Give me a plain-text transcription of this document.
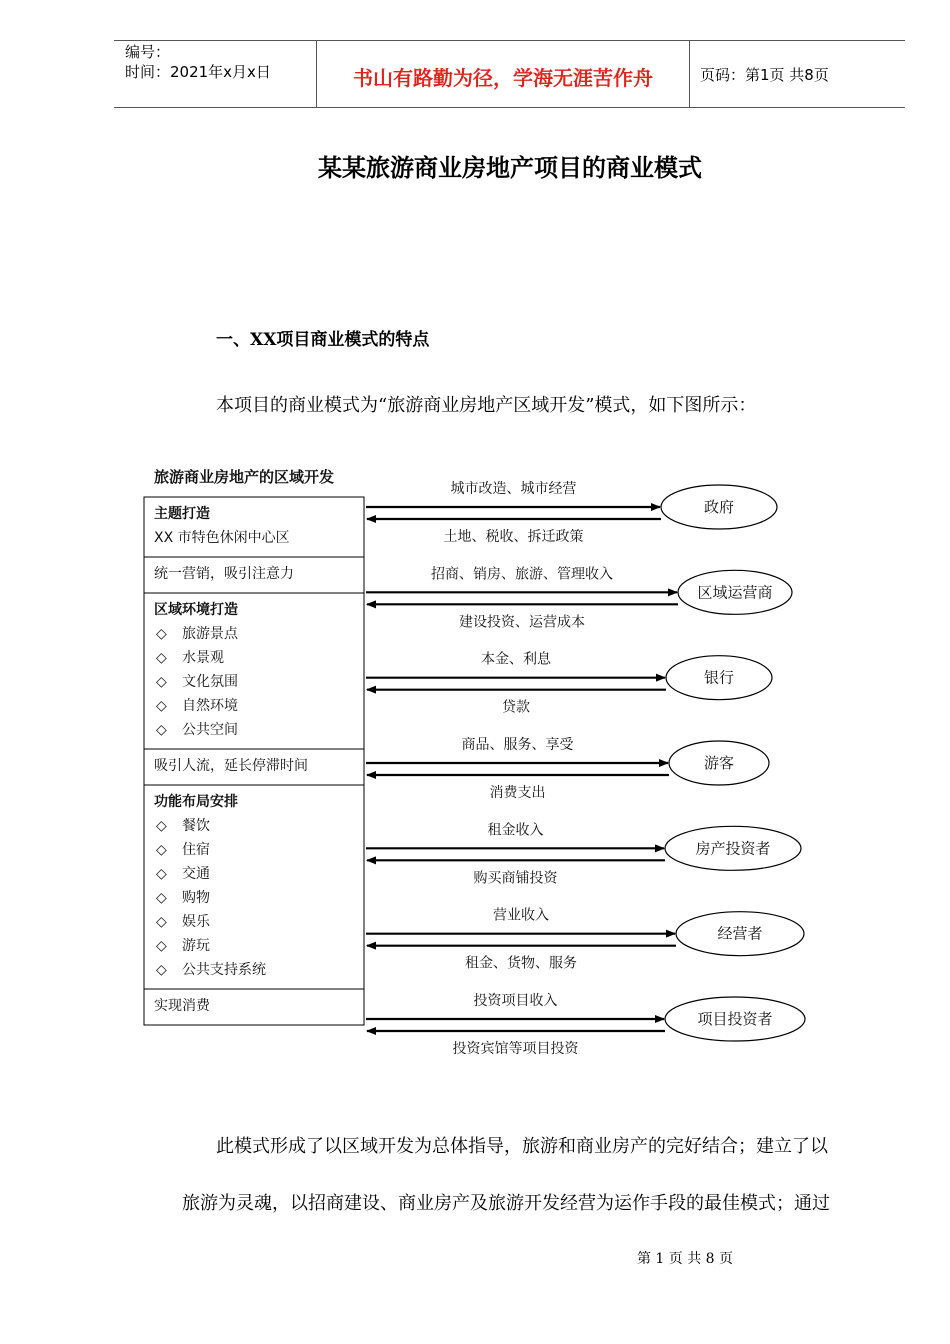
编号：
时间：2021年x月x日	书山有路勤为径，学海无涯苦作舟	页码：第1页 共8页
某某旅游商业房地产项目的商业模式
一、XX项目商业模式的特点
本项目的商业模式为“旅游商业房地产区域开发”模式，如下图所示：
旅游商业房地产的区域开发
主题打造
XX 市特色休闲中心区
统一营销，吸引注意力
区域环境打造
◇ 旅游景点
◇ 水景观
◇ 文化氛围
◇ 自然环境
◇ 公共空间
吸引人流，延长停滞时间
功能布局安排
◇ 餐饮
◇ 住宿
◇ 交通
◇ 购物
◇ 娱乐
◇ 游玩
◇ 公共支持系统
实现消费
城市改造、城市经营
土地、税收、拆迁政策
政府
招商、销房、旅游、管理收入
建设投资、运营成本
区域运营商
本金、利息
贷款
银行
商品、服务、享受
消费支出
游客
租金收入
购买商铺投资
房产投资者
营业收入
租金、货物、服务
经营者
投资项目收入
投资宾馆等项目投资
项目投资者
此模式形成了以区域开发为总体指导，旅游和商业房产的完好结合；建立了以
旅游为灵魂，以招商建设、商业房产及旅游开发经营为运作手段的最佳模式；通过
第 1 页 共 8 页
